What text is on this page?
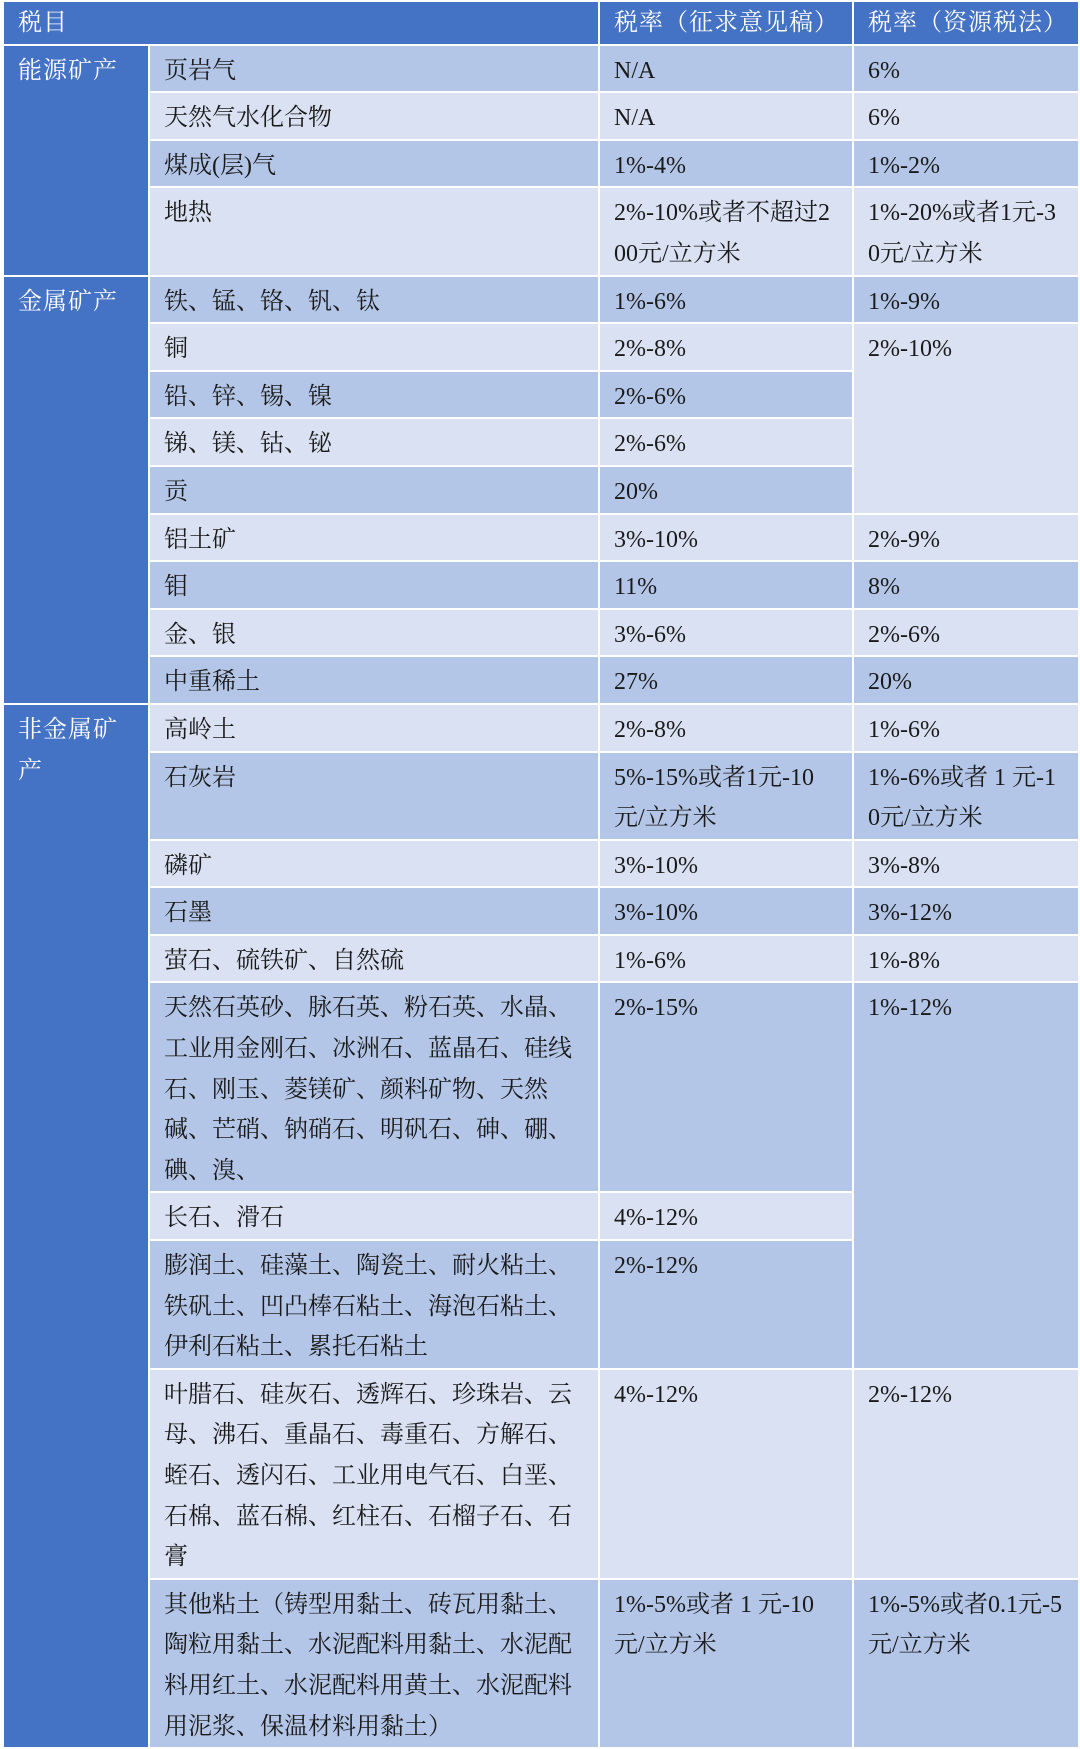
税目		税率（征求意见稿）	税率（资源税法）
能源矿产	页岩气	N/A	6%
	天然气水化合物	N/A	6%
	煤成(层)气	1%-4%	1%-2%
	地热	2%-10%或者不超过200元/立方米	1%-20%或者1元-30元/立方米
金属矿产	铁、锰、铬、钒、钛	1%-6%	1%-9%
	铜	2%-8%	2%-10%
	铅、锌、锡、镍	2%-6%	
	锑、镁、钴、铋	2%-6%	
	贡	20%	
	铝土矿	3%-10%	2%-9%
	钼	11%	8%
	金、银	3%-6%	2%-6%
	中重稀土	27%	20%
非金属矿产	高岭土	2%-8%	1%-6%
	石灰岩	5%-15%或者1元-10元/立方米	1%-6%或者 1 元-10元/立方米
	磷矿	3%-10%	3%-8%
	石墨	3%-10%	3%-12%
	萤石、硫铁矿、自然硫	1%-6%	1%-8%
	天然石英砂、脉石英、粉石英、水晶、工业用金刚石、冰洲石、蓝晶石、硅线石、刚玉、菱镁矿、颜料矿物、天然碱、芒硝、钠硝石、明矾石、砷、硼、碘、溴、	2%-15%	1%-12%
	长石、滑石	4%-12%	
	膨润土、硅藻土、陶瓷土、耐火粘土、铁矾土、凹凸棒石粘土、海泡石粘土、伊利石粘土、累托石粘土	2%-12%	
	叶腊石、硅灰石、透辉石、珍珠岩、云母、沸石、重晶石、毒重石、方解石、蛭石、透闪石、工业用电气石、白垩、石棉、蓝石棉、红柱石、石榴子石、石膏	4%-12%	2%-12%
	其他粘土（铸型用黏土、砖瓦用黏土、陶粒用黏土、水泥配料用黏土、水泥配料用红土、水泥配料用黄土、水泥配料用泥浆、保温材料用黏土）	1%-5%或者 1 元-10元/立方米	1%-5%或者0.1元-5元/立方米
